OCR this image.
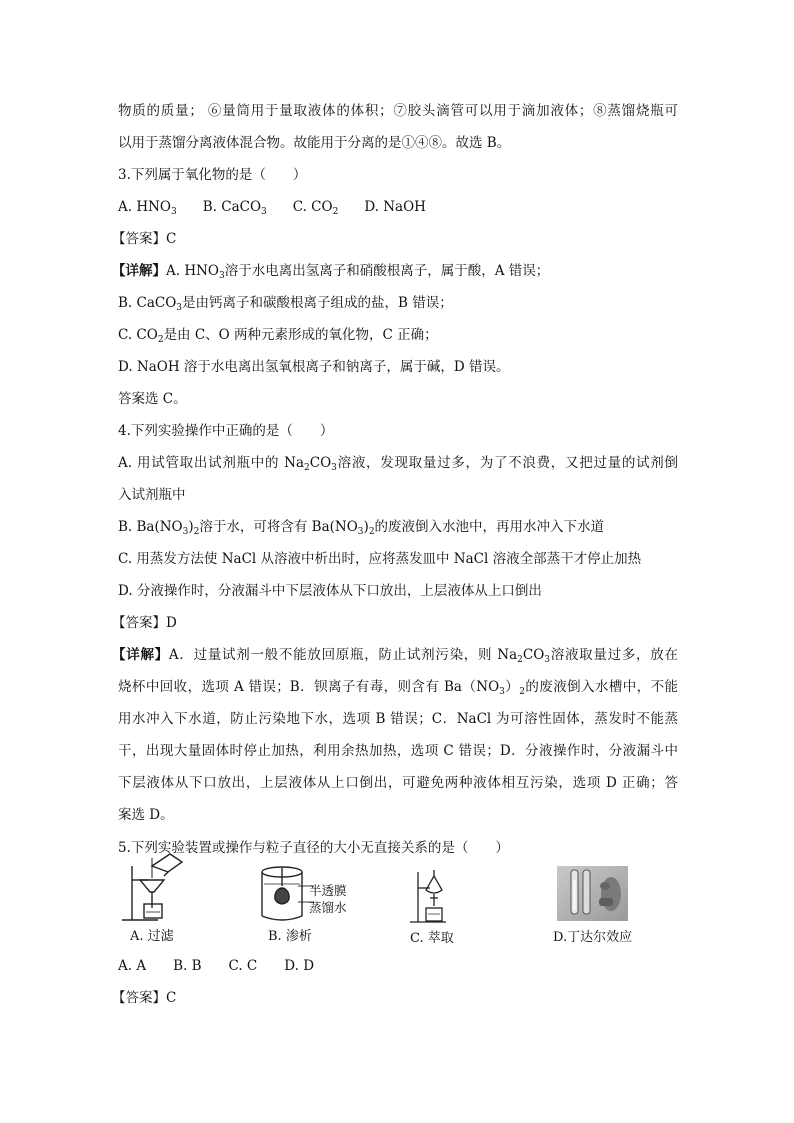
物质的质量； ⑥量筒用于量取液体的体积；⑦胶头滴管可以用于滴加液体；⑧蒸馏烧瓶可
以用于蒸馏分离液体混合物。故能用于分离的是①④⑧。故选 B。
3.下列属于氧化物的是（　　）
A. $HNO_3$ B. CaCO$_3$ C. $CO_2$ D. NaOH
【答案】C
【详解】A. $HNO_3$溶于水电离出氢离子和硝酸根离子，属于酸，A 错误；
B. CaCO$_3$是由钙离子和碳酸根离子组成的盐，B 错误；
C. $CO_2$是由 C、O 两种元素形成的氧化物，C 正确；
D. NaOH 溶于水电离出氢氧根离子和钠离子，属于碱，D 错误。
答案选 C。
4.下列实验操作中正确的是（　　）
A. 用试管取出试剂瓶中的 $Na_2CO_3$溶液，发现取量过多，为了不浪费，又把过量的试剂倒
入试剂瓶中
B. $Ba(NO_3)_2$溶于水，可将含有 $Ba(NO_3)_2$的废液倒入水池中，再用水冲入下水道
C. 用蒸发方法使 NaCl 从溶液中析出时，应将蒸发皿中 NaCl 溶液全部蒸干才停止加热
D. 分液操作时，分液漏斗中下层液体从下口放出，上层液体从上口倒出
【答案】D
【详解】A．过量试剂一般不能放回原瓶，防止试剂污染，则 $Na_2CO_3$溶液取量过多，放在
烧杯中回收，选项 A 错误；B．钡离子有毒，则含有 $Ba(NO_3)_2$的废液倒入水槽中，不能
用水冲入下水道，防止污染地下水，选项 B 错误；C．NaCl 为可溶性固体，蒸发时不能蒸
干，出现大量固体时停止加热，利用余热加热，选项 C 错误；D．分液操作时，分液漏斗中
下层液体从下口放出，上层液体从上口倒出，可避免两种液体相互污染，选项 D 正确；答
案选 D。
5.下列实验装置或操作与粒子直径的大小无直接关系的是（　　）
A. 过滤
半透膜
蒸馏水
B. 渗析	C. 萃取	D.丁达尔效应
A. A　　B. B　　C. C　　D. D
【答案】C
